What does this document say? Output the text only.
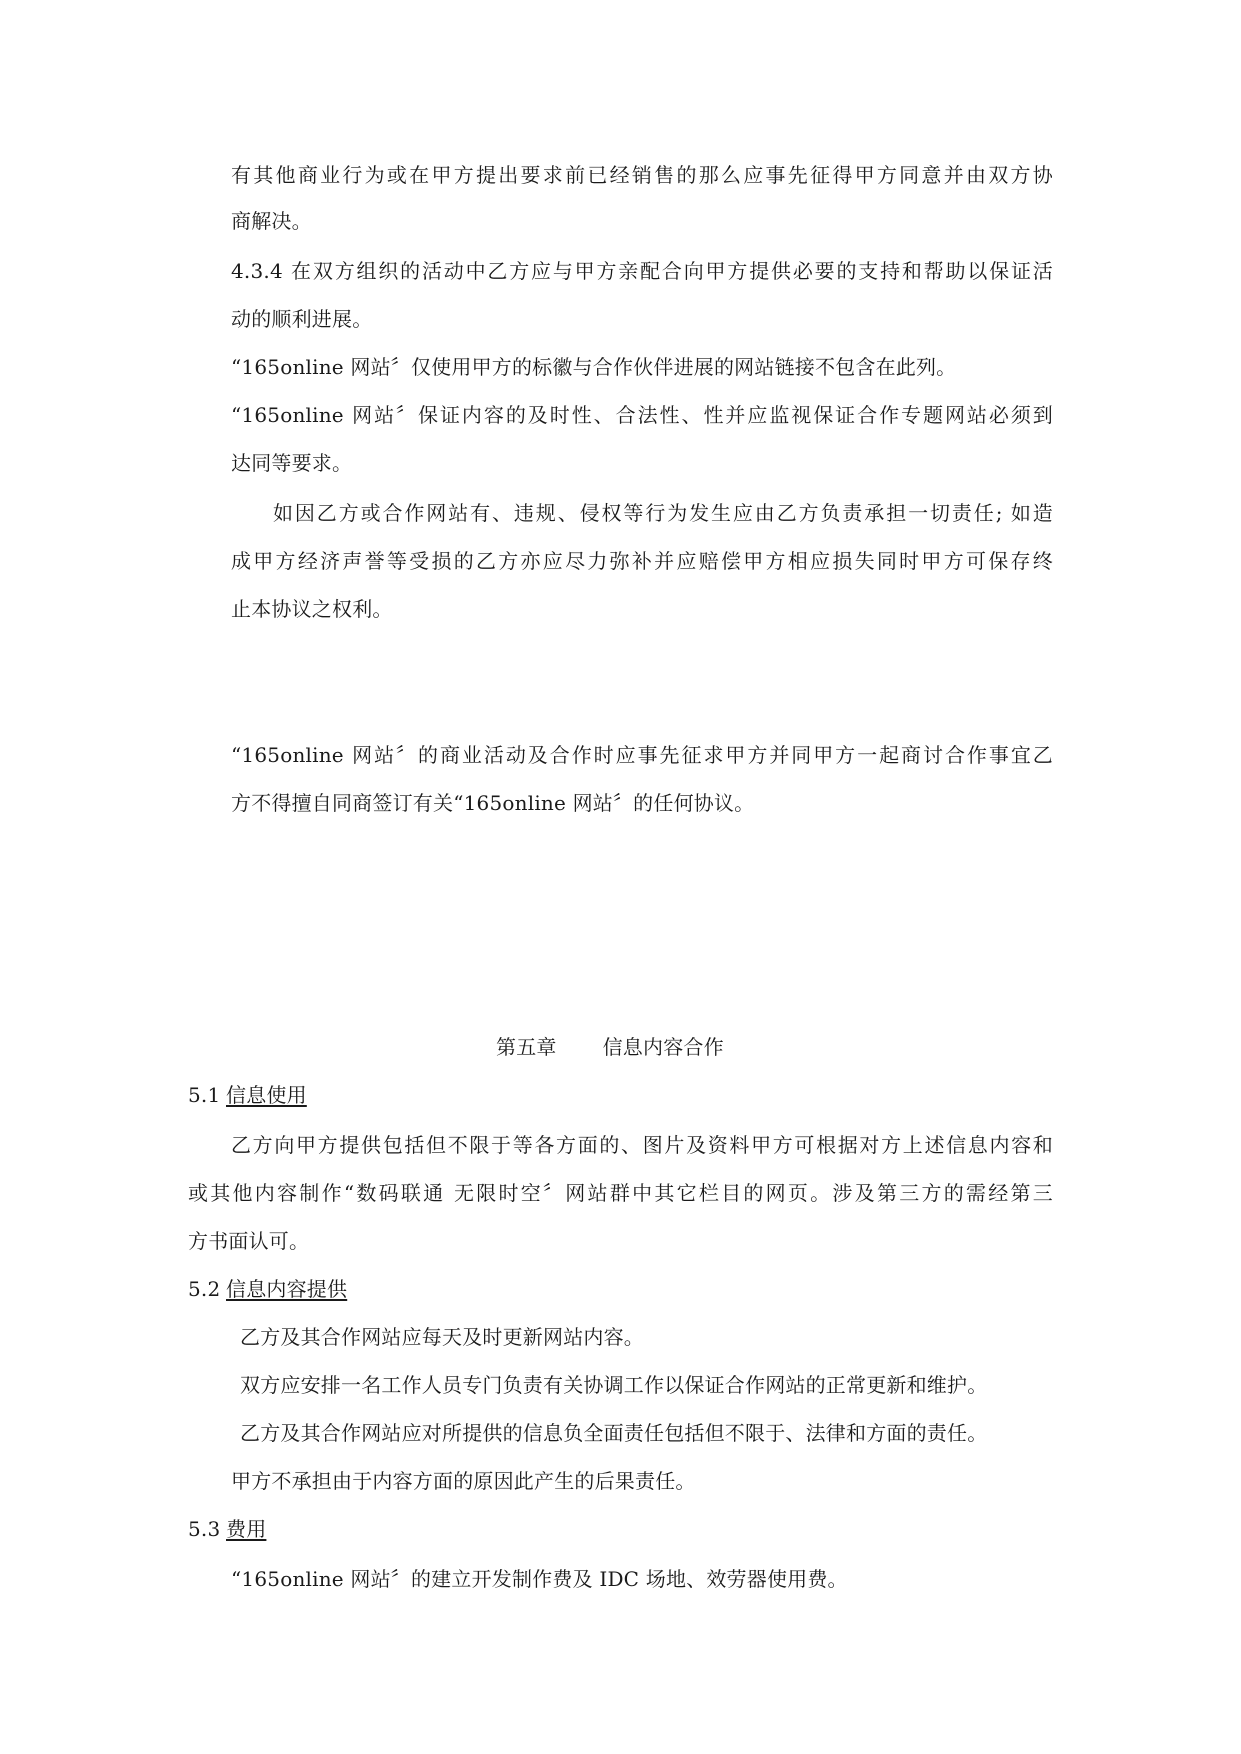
有其他商业行为或在甲方提出要求前已经销售的那么应事先征得甲方同意并由双方协
商解决。
4.3.4 在双方组织的活动中乙方应与甲方亲配合向甲方提供必要的支持和帮助以保证活
动的顺利进展。
“165online 网站〞仅使用甲方的标徽与合作伙伴进展的网站链接不包含在此列。
“165online 网站〞保证内容的及时性、合法性、性并应监视保证合作专题网站必须到
达同等要求。
如因乙方或合作网站有、违规、侵权等行为发生应由乙方负责承担一切责任; 如造
成甲方经济声誉等受损的乙方亦应尽力弥补并应赔偿甲方相应损失同时甲方可保存终
止本协议之权利。
“165online 网站〞的商业活动及合作时应事先征求甲方并同甲方一起商讨合作事宜乙
方不得擅自同商签订有关“165online 网站〞的任何协议。
第五章 信息内容合作
5.1 信息使用
乙方向甲方提供包括但不限于等各方面的、图片及资料甲方可根据对方上述信息内容和
或其他内容制作“数码联通 无限时空〞网站群中其它栏目的网页。涉及第三方的需经第三
方书面认可。
5.2 信息内容提供
乙方及其合作网站应每天及时更新网站内容。
双方应安排一名工作人员专门负责有关协调工作以保证合作网站的正常更新和维护。
乙方及其合作网站应对所提供的信息负全面责任包括但不限于、法律和方面的责任。
甲方不承担由于内容方面的原因此产生的后果责任。
5.3 费用
“165online 网站〞的建立开发制作费及 IDC 场地、效劳器使用费。
